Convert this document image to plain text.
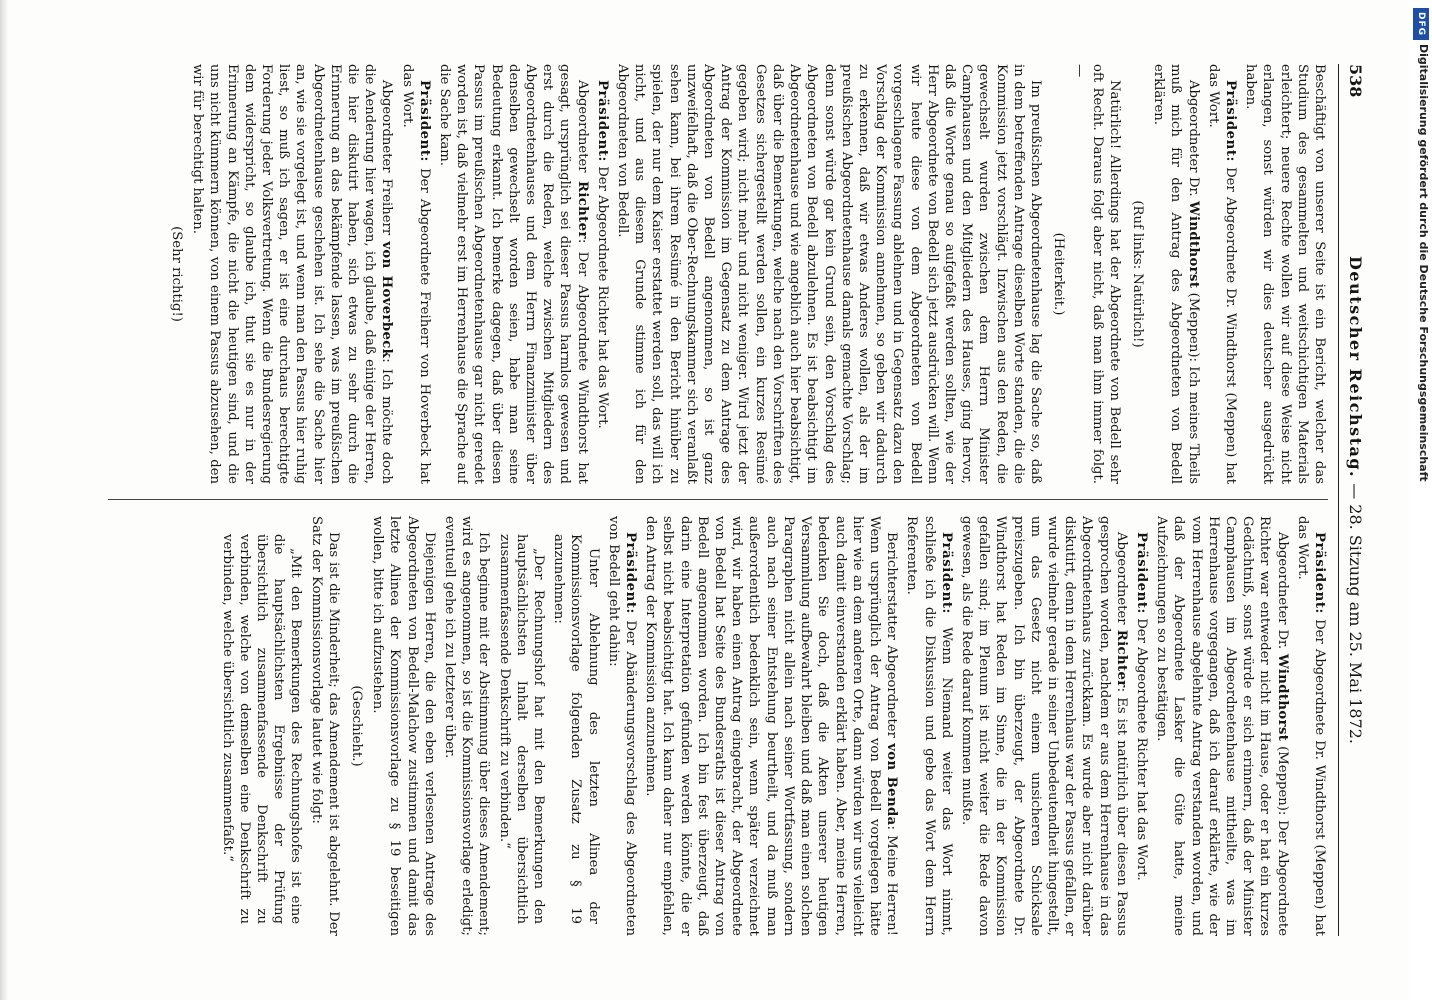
538
Deutscher Reichstag. — 28. Sitzung am 25. Mai 1872.

Beschäftigt von unserer Seite ist ein Bericht, welcher das Studium des gesammelten und weitschichtigen Materials erleichtert; neuere Rechte wollen wir auf diese Weise nicht erlangen, sonst würden wir dies deutscher ausgedrückt haben.

Präsident: Der Abgeordnete Dr. Windthorst (Meppen) hat das Wort.

Abgeordneter Dr. Windthorst (Meppen): Ich meines Theils muß mich für den Antrag des Abgeordneten von Bedell erklären.

(Ruf links: Natürlich!)

Natürlich! Allerdings hat der Abgeordnete von Bedell sehr oft Recht. Daraus folgt aber nicht, daß man ihm immer folgt. —

(Heiterkeit.)

Im preußischen Abgeordnetenhause lag die Sache so, daß in dem betreffenden Antrage dieselben Worte standen, die die Kommission jetzt vorschlägt. Inzwischen aus den Reden, die gewechselt wurden zwischen dem Herrn Minister Camphausen und den Mitgliedern des Hauses, ging hervor, daß die Worte genau so aufgefaßt werden sollten, wie der Herr Abgeordnete von Bedell sich jetzt ausdrücken will. Wenn wir heute diese von dem Abgeordneten von Bedell vorgeschlagene Fassung ablehnen und in Gegensatz dazu den Vorschlag der Kommission annehmen, so geben wir dadurch zu erkennen, daß wir etwas Anderes wollen, als der im preußischen Abgeordnetenhause damals gemachte Vorschlag; denn sonst würde gar kein Grund sein, den Vorschlag des Abgeordneten von Bedell abzulehnen. Es ist beabsichtigt im Abgeordnetenhause und wie angeblich auch hier beabsichtigt, daß über die Bemerkungen, welche nach den Vorschriften des Gesetzes sichergestellt werden sollen, ein kurzes Resümé gegeben wird; nicht mehr und nicht weniger. Wird jetzt der Antrag der Kommission im Gegensatz zu dem Antrage des Abgeordneten von Bedell angenommen, so ist ganz unzweifelhaft, daß die Ober-Rechnungskammer sich veranlaßt sehen kann, bei ihrem Resümé in den Bericht hinüber zu spielen, der nur dem Kaiser erstattet werden soll, das will ich nicht, und aus diesem Grunde stimme ich für den Abgeordneten von Bedell.

Präsident: Der Abgeordnete Richter hat das Wort.

Abgeordneter Richter: Der Abgeordnete Windthorst hat gesagt, ursprünglich sei dieser Passus harmlos gewesen und erst durch die Reden, welche zwischen Mitgliedern des Abgeordnetenhauses und dem Herrn Finanzminister über denselben gewechselt worden seien, habe man seine Bedeutung erkannt. Ich bemerke dagegen, daß über diesen Passus im preußischen Abgeordnetenhause gar nicht geredet worden ist, daß vielmehr erst im Herrenhause die Sprache auf die Sache kam.

Präsident: Der Abgeordnete Freiherr von Hoverbeck hat das Wort.

Abgeordneter Freiherr von Hoverbeck: Ich möchte doch die Aenderung hier wagen, ich glaube, daß einige der Herren, die hier diskutirt haben, sich etwas zu sehr durch die Erinnerung an das bekämpfende lassen, was im preußischen Abgeordnetenhause geschehen ist. Ich sehe die Sache hier an, wie sie vorgelegt ist, und wenn man den Passus hier ruhig liest, so muß ich sagen, er ist eine durchaus berechtigte Forderung jeder Volksvertretung. Wenn die Bundesregierung dem widerspricht, so glaube ich, thut sie es nur in der Erinnerung an Kämpfe, die nicht die heutigen sind, und die uns nicht kümmern können, von einem Passus abzusehen, den wir für berechtigt halten.

(Sehr richtig!)

Präsident: Der Abgeordnete Dr. Windthorst (Meppen) hat das Wort.

Abgeordneter Dr. Windthorst (Meppen): Der Abgeordnete Richter war entweder nicht im Hause, oder er hat ein kurzes Gedächtniß, sonst würde er sich erinnern, daß der Minister Camphausen im Abgeordnetenhause mittheilte, was im Herrenhause vorgegangen, daß ich darauf erklärte, wie der vom Herrenhause abgelehnte Antrag verstanden worden, und daß der Abgeordnete Lasker die Güte hatte, meine Aufzeichnungen so zu bestätigen.

Präsident: Der Abgeordnete Richter hat das Wort.

Abgeordneter Richter: Es ist natürlich über diesen Passus gesprochen worden, nachdem er aus dem Herrenhause in das Abgeordnetenhaus zurückkam. Es wurde aber nicht darüber diskutirt, denn in dem Herrenhaus war der Passus gefallen, er wurde vielmehr gerade in seiner Unbedeutendheit hingestellt, um das Gesetz nicht einem unsicheren Schicksale preiszugeben. Ich bin überzeugt, der Abgeordnete Dr. Windthorst hat Reden im Sinne, die in der Kommission gefallen sind; im Plenum ist nicht weiter die Rede davon gewesen, als die Rede darauf kommen mußte.

Präsident: Wenn Niemand weiter das Wort nimmt, schließe ich die Diskussion und gebe das Wort dem Herrn Referenten.

Berichterstatter Abgeordneter von Benda: Meine Herren! Wenn ursprünglich der Antrag von Bedell vorgelegen hätte hier wie an dem anderen Orte, dann würden wir uns vielleicht auch damit einverstanden erklärt haben. Aber, meine Herren, bedenken Sie doch, daß die Akten unserer heutigen Versammlung aufbewahrt bleiben und daß man einen solchen Paragraphen nicht allein nach seiner Wortfassung, sondern auch nach seiner Entstehung beurtheilt, und da muß man außerordentlich bedenklich sein, wenn später verzeichnet wird, wir haben einen Antrag eingebracht, der Abgeordnete von Bedell hat Seite des Bundesraths ist dieser Antrag von Bedell angenommen worden. Ich bin fest überzeugt, daß darin eine Interpretation gefunden werden könnte, die er selbst nicht beabsichtigt hat. Ich kann daher nur empfehlen, den Antrag der Kommission anzunehmen.

Präsident: Der Abänderungsvorschlag des Abgeordneten von Bedell geht dahin:

Unter Ablehnung des letzten Alinea der Kommissionsvorlage folgenden Zusatz zu § 19 anzunehmen:

„Der Rechnungshof hat mit den Bemerkungen den hauptsächlichsten Inhalt derselben übersichtlich zusammenfassende Denkschrift zu verbinden.“

Ich beginne mit der Abstimmung über dieses Amendement; wird es angenommen, so ist die Kommissionsvorlage erledigt; eventuell gehe ich zu letzterer über.

Diejenigen Herren, die den eben verlesenen Antrage des Abgeordneten von Bedell-Malchow zustimmen und damit das letzte Alinea der Kommissionsvorlage zu § 19 beseitigen wollen, bitte ich aufzustehen.

(Geschieht.)

Das ist die Minderheit; das Amendement ist abgelehnt. Der Satz der Kommissionsvorlage lautet wie folgt:

„Mit den Bemerkungen des Rechnungshofes ist eine die hauptsächlichsten Ergebnisse der Prüfung übersichtlich zusammenfassende Denkschrift zu verbinden, welche von demselben eine Denkschrift zu verbinden, welche übersichtlich zusammenfaßt.“

DFG
Digitalisierung gefördert durch die Deutsche Forschungsgemeinschaft
